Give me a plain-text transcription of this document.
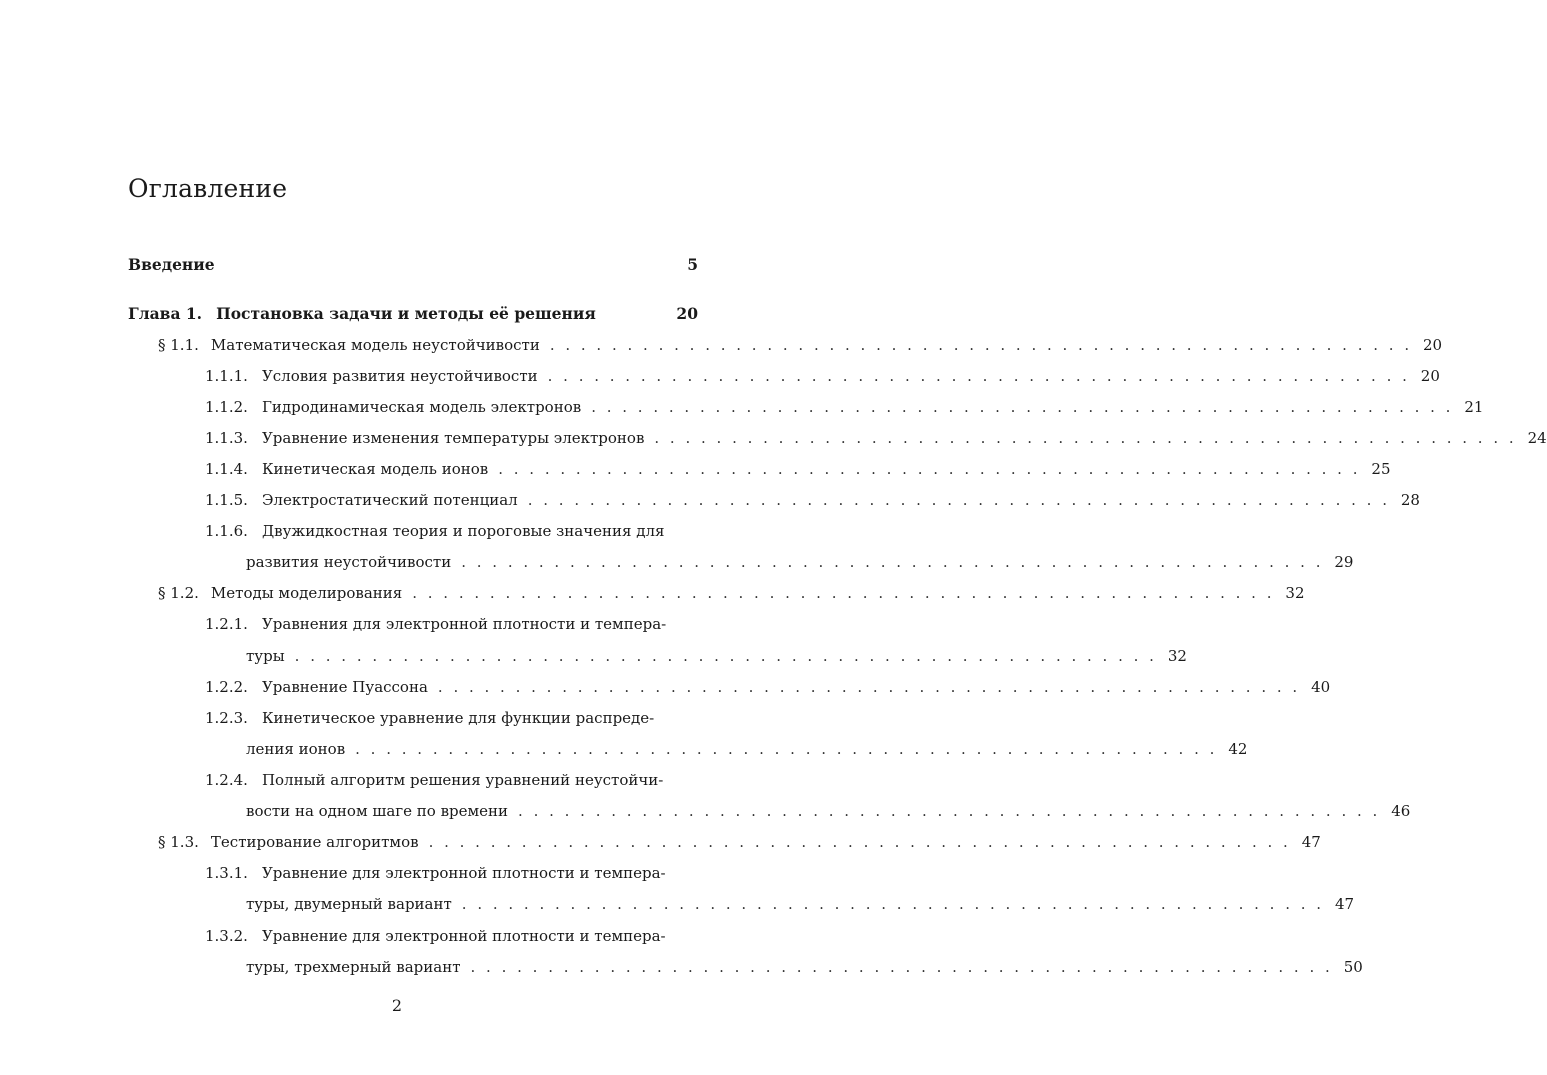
Оглавление
Введение	5
Глава 1. Постановка задачи и методы её решения	20
§ 1.1. Математическая модель неустойчивости . . . . . . . . . . . . . . . . . . . . . . . . . . . . . . . . . . . . . . . . . . . . . . . . . . . . . . . . 20
1.1.1. Условия развития неустойчивости . . . . . . . . . . . . . . . . . . . . . . . . . . . . . . . . . . . . . . . . . . . . . . . . . . . . . . . . 20
1.1.2. Гидродинамическая модель электронов . . . . . . . . . . . . . . . . . . . . . . . . . . . . . . . . . . . . . . . . . . . . . . . . . . . . . . . . 21
1.1.3. Уравнение изменения температуры электронов . . . . . . . . . . . . . . . . . . . . . . . . . . . . . . . . . . . . . . . . . . . . . . . . . . . . . . . . 24
1.1.4. Кинетическая модель ионов . . . . . . . . . . . . . . . . . . . . . . . . . . . . . . . . . . . . . . . . . . . . . . . . . . . . . . . . 25
1.1.5. Электростатический потенциал . . . . . . . . . . . . . . . . . . . . . . . . . . . . . . . . . . . . . . . . . . . . . . . . . . . . . . . . 28
1.1.6. Двужидкостная теория и пороговые значения для
развития неустойчивости . . . . . . . . . . . . . . . . . . . . . . . . . . . . . . . . . . . . . . . . . . . . . . . . . . . . . . . . 29
§ 1.2. Методы моделирования . . . . . . . . . . . . . . . . . . . . . . . . . . . . . . . . . . . . . . . . . . . . . . . . . . . . . . . . 32
1.2.1. Уравнения для электронной плотности и темпера-
туры . . . . . . . . . . . . . . . . . . . . . . . . . . . . . . . . . . . . . . . . . . . . . . . . . . . . . . . . 32
1.2.2. Уравнение Пуассона . . . . . . . . . . . . . . . . . . . . . . . . . . . . . . . . . . . . . . . . . . . . . . . . . . . . . . . . 40
1.2.3. Кинетическое уравнение для функции распреде-
ления ионов . . . . . . . . . . . . . . . . . . . . . . . . . . . . . . . . . . . . . . . . . . . . . . . . . . . . . . . . 42
1.2.4. Полный алгоритм решения уравнений неустойчи-
вости на одном шаге по времени . . . . . . . . . . . . . . . . . . . . . . . . . . . . . . . . . . . . . . . . . . . . . . . . . . . . . . . . 46
§ 1.3. Тестирование алгоритмов . . . . . . . . . . . . . . . . . . . . . . . . . . . . . . . . . . . . . . . . . . . . . . . . . . . . . . . . 47
1.3.1. Уравнение для электронной плотности и темпера-
туры, двумерный вариант . . . . . . . . . . . . . . . . . . . . . . . . . . . . . . . . . . . . . . . . . . . . . . . . . . . . . . . . 47
1.3.2. Уравнение для электронной плотности и темпера-
туры, трехмерный вариант . . . . . . . . . . . . . . . . . . . . . . . . . . . . . . . . . . . . . . . . . . . . . . . . . . . . . . . . 50
2
